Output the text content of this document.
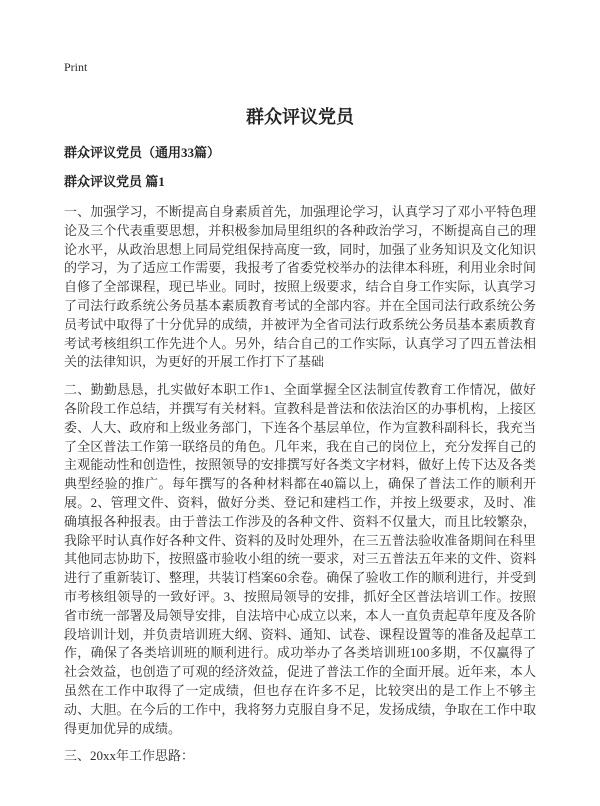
Print
群众评议党员
群众评议党员（通用33篇）
群众评议党员 篇1

一、加强学习，不断提高自身素质首先，加强理论学习，认真学习了邓小平特色理论及三个代表重要思想，并积极参加局里组织的各种政治学习，不断提高自己的理论水平，从政治思想上同局党组保持高度一致，同时，加强了业务知识及文化知识的学习，为了适应工作需要，我报考了省委党校举办的法律本科班，利用业余时间自修了全部课程，现已毕业。同时，按照上级要求，结合自身工作实际，认真学习了司法行政系统公务员基本素质教育考试的全部内容。并在全国司法行政系统公务员考试中取得了十分优异的成绩，并被评为全省司法行政系统公务员基本素质教育考试考核组织工作先进个人。另外，结合自己的工作实际，认真学习了四五普法相关的法律知识，为更好的开展工作打下了基础

二、勤勤恳恳，扎实做好本职工作1、全面掌握全区法制宣传教育工作情况，做好各阶段工作总结，并撰写有关材料。宣教科是普法和依法治区的办事机构，上接区委、人大、政府和上级业务部门，下连各个基层单位，作为宣教科副科长，我充当了全区普法工作第一联络员的角色。几年来，我在自己的岗位上，充分发挥自己的主观能动性和创造性，按照领导的安排撰写好各类文字材料，做好上传下达及各类典型经验的推广。每年撰写的各种材料都在40篇以上，确保了普法工作的顺利开展。2、管理文件、资料，做好分类、登记和建档工作，并按上级要求，及时、准确填报各种报表。由于普法工作涉及的各种文件、资料不仅量大，而且比较繁杂，我除平时认真作好各种文件、资料的及时处理外，在三五普法验收准备期间在科里其他同志协助下，按照盛市验收小组的统一要求，对三五普法五年来的文件、资料进行了重新装订、整理，共装订档案60余卷。确保了验收工作的顺利进行，并受到市考核组领导的一致好评。3、按照局领导的安排，抓好全区普法培训工作。按照省市统一部署及局领导安排，自法培中心成立以来，本人一直负责起草年度及各阶段培训计划，并负责培训班大纲、资料、通知、试卷、课程设置等的准备及起草工作，确保了各类培训班的顺利进行。成功举办了各类培训班100多期，不仅赢得了社会效益，也创造了可观的经济效益，促进了普法工作的全面开展。近年来，本人虽然在工作中取得了一定成绩，但也存在许多不足，比较突出的是工作上不够主动、大胆。在今后的工作中，我将努力克服自身不足，发扬成绩，争取在工作中取得更加优异的成绩。

三、20xx年工作思路：
